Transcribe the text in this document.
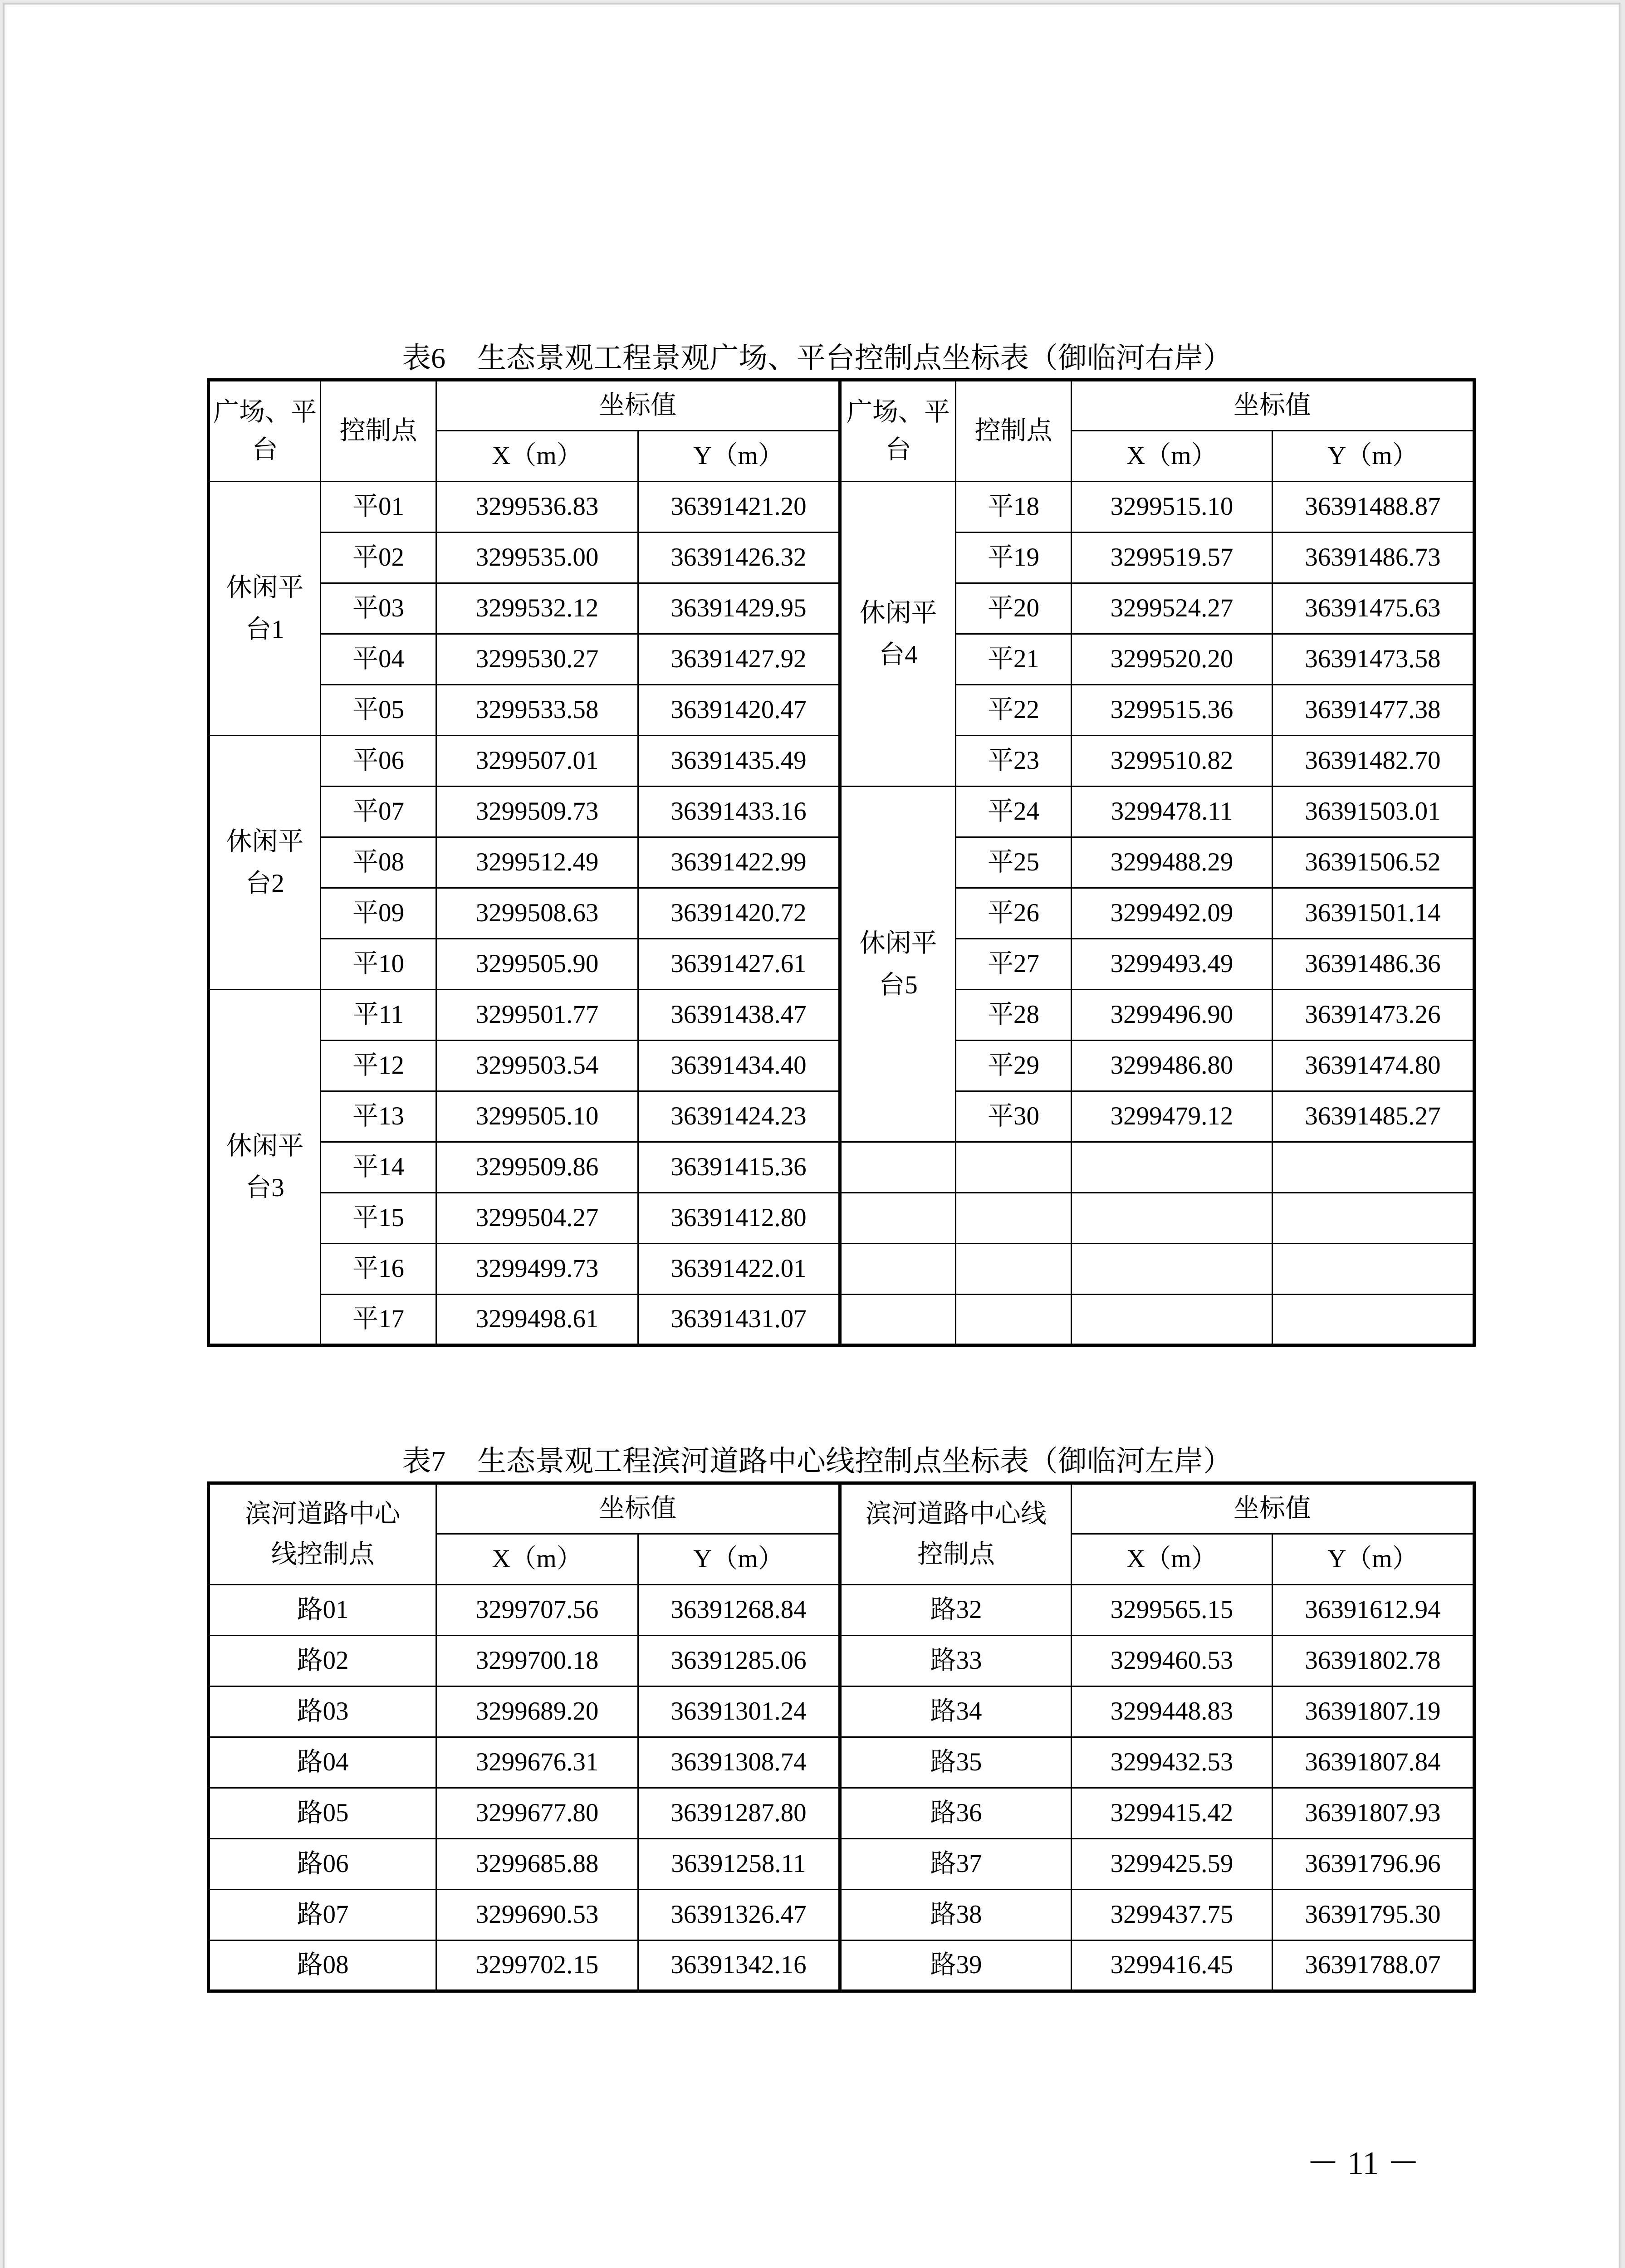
表6 生态景观工程景观广场、平台控制点坐标表（御临河右岸）
广场、平台	控制点	坐标值		广场、平台	控制点	坐标值	
		X（m）	Y（m）			X（m）	Y（m）
休闲平台1	平01	3299536.83	36391421.20	休闲平台4	平18	3299515.10	36391488.87
	平02	3299535.00	36391426.32		平19	3299519.57	36391486.73
	平03	3299532.12	36391429.95		平20	3299524.27	36391475.63
	平04	3299530.27	36391427.92		平21	3299520.20	36391473.58
	平05	3299533.58	36391420.47		平22	3299515.36	36391477.38
休闲平台2	平06	3299507.01	36391435.49		平23	3299510.82	36391482.70
	平07	3299509.73	36391433.16	休闲平台5	平24	3299478.11	36391503.01
	平08	3299512.49	36391422.99		平25	3299488.29	36391506.52
	平09	3299508.63	36391420.72		平26	3299492.09	36391501.14
	平10	3299505.90	36391427.61		平27	3299493.49	36391486.36
休闲平台3	平11	3299501.77	36391438.47		平28	3299496.90	36391473.26
	平12	3299503.54	36391434.40		平29	3299486.80	36391474.80
	平13	3299505.10	36391424.23		平30	3299479.12	36391485.27
	平14	3299509.86	36391415.36				
	平15	3299504.27	36391412.80				
	平16	3299499.73	36391422.01				
	平17	3299498.61	36391431.07				
表7 生态景观工程滨河道路中心线控制点坐标表（御临河左岸）
滨河道路中心线控制点	坐标值		滨河道路中心线控制点	坐标值	
	X（m）	Y（m）		X（m）	Y（m）
路01	3299707.56	36391268.84	路32	3299565.15	36391612.94
路02	3299700.18	36391285.06	路33	3299460.53	36391802.78
路03	3299689.20	36391301.24	路34	3299448.83	36391807.19
路04	3299676.31	36391308.74	路35	3299432.53	36391807.84
路05	3299677.80	36391287.80	路36	3299415.42	36391807.93
路06	3299685.88	36391258.11	路37	3299425.59	36391796.96
路07	3299690.53	36391326.47	路38	3299437.75	36391795.30
路08	3299702.15	36391342.16	路39	3299416.45	36391788.07
－ 11 －
